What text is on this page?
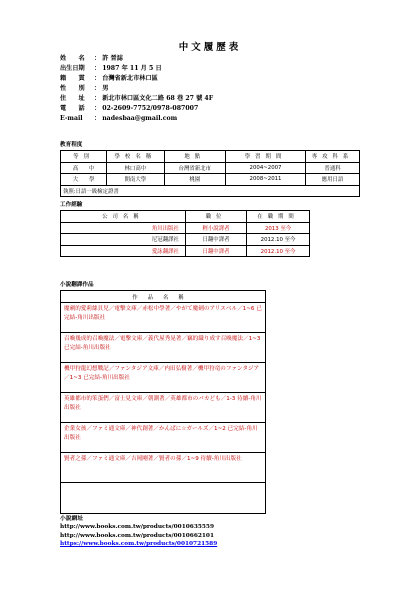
中文履歷表
姓　　名	： 許 晉誌
出生日期	： 1987 年 11 月 5 日
籍　　貫	： 台灣省新北市林口區
性　　別	： 男
住　　址	： 新北市林口區文化二路 68 巷 27 號 4F
電　　話	： 02-2609-7752/0978-087007
E-mail	： nadesbaa@gmail.com
教育程度
等別	學校名稱	地點	學習期間	專攻科系
高　　中	林口高中	台灣省新北市	2004~2007	普通科
大　　學	開南大學	桃園	2008~2011	應用日語
執照:日語一級檢定證書				
工作經驗
公司名稱	職位	在職期間
角川出版社	輕小說譯者	2013 至今
尼冠翻譯社	日翻中譯者	2012.10 至今
愛詠翻譯社	日翻中譯者	2012.10 至今
小說翻譯作品
作品名稱
魔劍的愛莉絲貝兒／電擊文庫／赤松中學著／やがて魔劍のアリスベル／1~6 已完結-角川出版社
召喚幾成的召喚魔法／電擊文庫／義代屋秀晃著／竊的織り成す召喚魔法／1~3 已完結-角川出版社
機甲狩龍幻想戰記／ファンタジア文庫／内田弘樹著／機甲狩竜のファンタジア／1~3 已完結-角川出版社
英雄都市的笨蛋們／富士見文庫／朝潮著／英雄都市のバカども／1-3 待續-角川出版社
企業女孩／ファミ通文庫／神代創著／かんぱに☆ガールズ／1~2 已完結-角川出版社
賢者之孫／ファミ通文庫／吉岡剛著／賢者の孫／1~9 待續-角川出版社

小說網址
http://www.books.com.tw/products/0010635559
http://www.books.com.tw/products/0010662101
https://www.books.com.tw/products/0010721589
